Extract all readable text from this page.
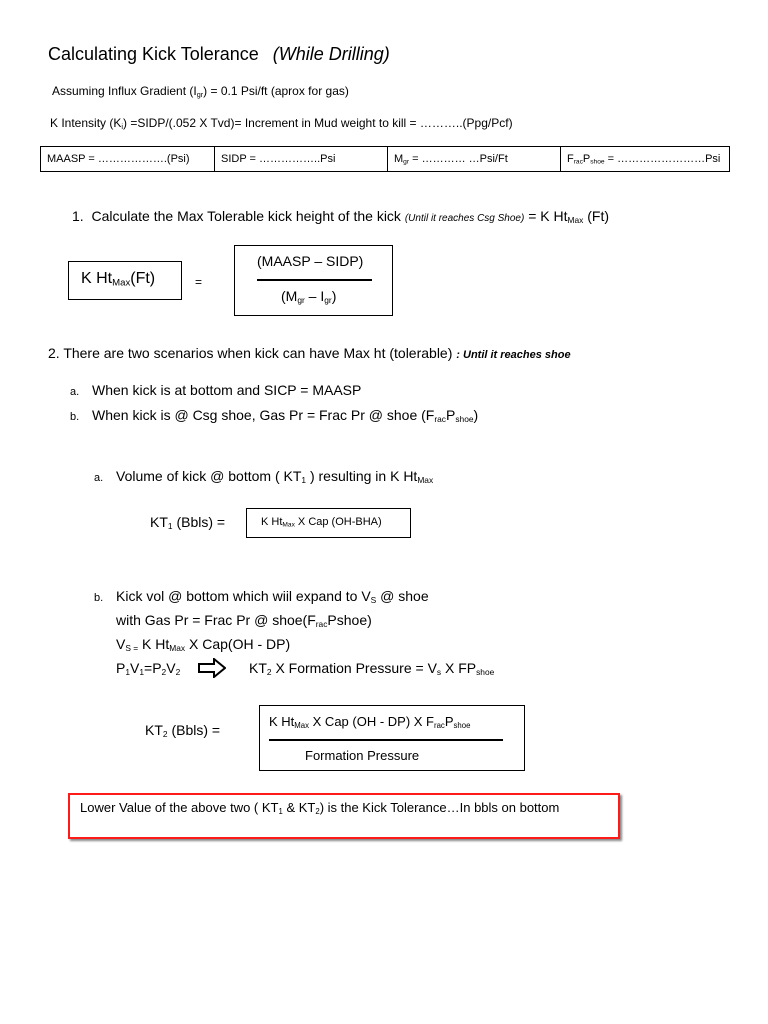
Calculating Kick Tolerance (While Drilling)
Assuming Influx Gradient $(I_{gr}) = 0.1$ Psi/ft (aprox for gas)
K Intensity $(K_i)$ =SIDP/(.052 X Tvd)= Increment in Mud weight to kill = ………..(Ppg/Pcf)
MAASP = ……………….(Psi)	SIDP = ……………..Psi	$M_{gr}$ = ………… …Psi/Ft	$F_{rac}P_{shoe}$ = ……………………Psi
1. Calculate the Max Tolerable kick height of the kick (Until it reaches Csg Shoe) = K $Ht_{Max}$ (Ft)
K $Ht_{Max}(Ft)$	=
(MAASP – SIDP)
$(M_{gr} - I_{gr})$
2. There are two scenarios when kick can have Max ht (tolerable) : Until it reaches shoe
a. When kick is at bottom and SICP = MAASP
b. When kick is @ Csg shoe, Gas Pr = Frac Pr @ shoe $(F_{rac}P_{shoe})$
a. Volume of kick @ bottom ( $KT_1$ ) resulting in K $Ht_{Max}$
$KT_1$ (Bbls) =	K $Ht_{Max}$ X Cap (OH-BHA)
b. Kick vol @ bottom which wiil expand to $V_S$ @ shoe
with Gas Pr = Frac Pr @ $shoe(F_{rac}Pshoe)$
$V_{S =}$ K $Ht_{Max}$ X Cap(OH - DP)
$P_1V_1=P_2V_2$	$KT_2$ X Formation Pressure = $V_s$ X $FP_{shoe}$
$KT_2$ (Bbls) =
K $Ht_{Max}$ X Cap (OH - DP) X $F_{rac}P_{shoe}$
Formation Pressure
Lower Value of the above two ( $KT_1$ & $KT_2$) is the Kick Tolerance…In bbls on bottom
